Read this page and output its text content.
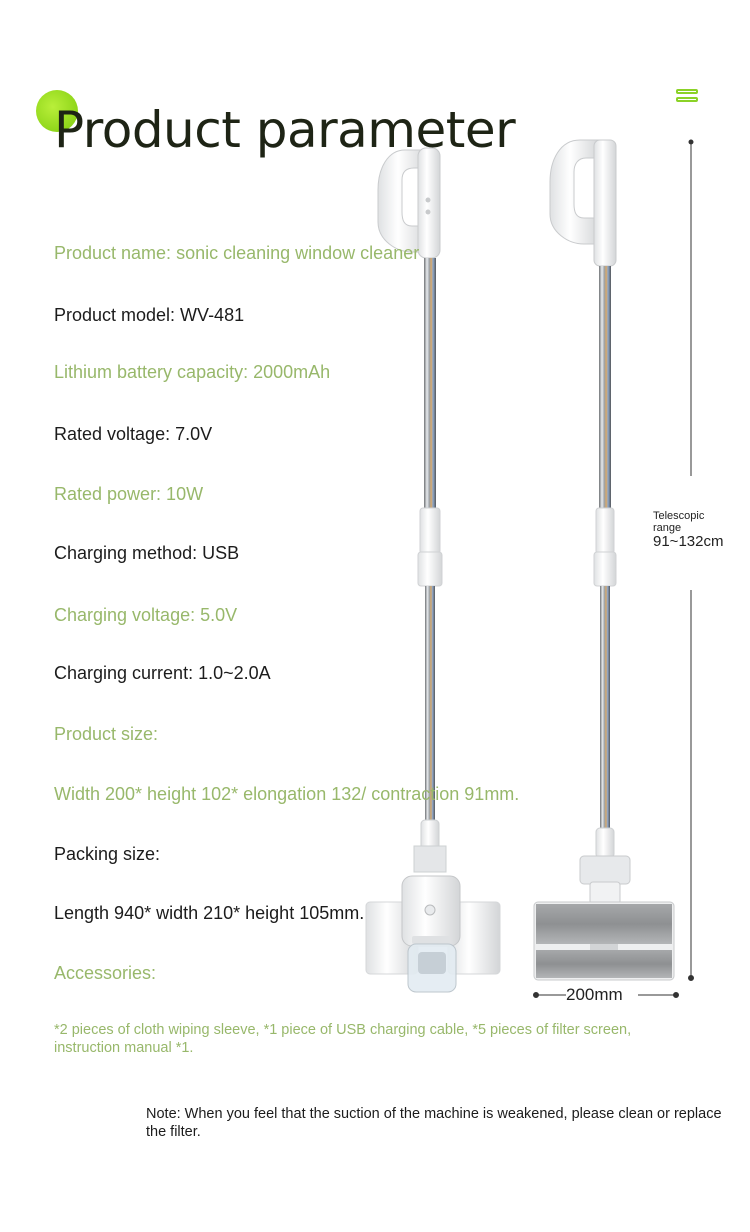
Product parameter
Product name: sonic cleaning window cleaner
Product model: WV-481
Lithium battery capacity: 2000mAh
Rated voltage: 7.0V
Rated power: 10W
Charging method: USB
Charging voltage: 5.0V
Charging current: 1.0~2.0A
Product size:
Width 200* height 102* elongation 132/ contraction 91mm.
Packing size:
Length 940* width 210* height 105mm.
Accessories:
Telescopic
range
91~132cm
200mm
*2 pieces of cloth wiping sleeve, *1 piece of USB charging cable, *5 pieces of filter screen, instruction manual *1.
Note: When you feel that the suction of the machine is weakened, please clean or replace the filter.
